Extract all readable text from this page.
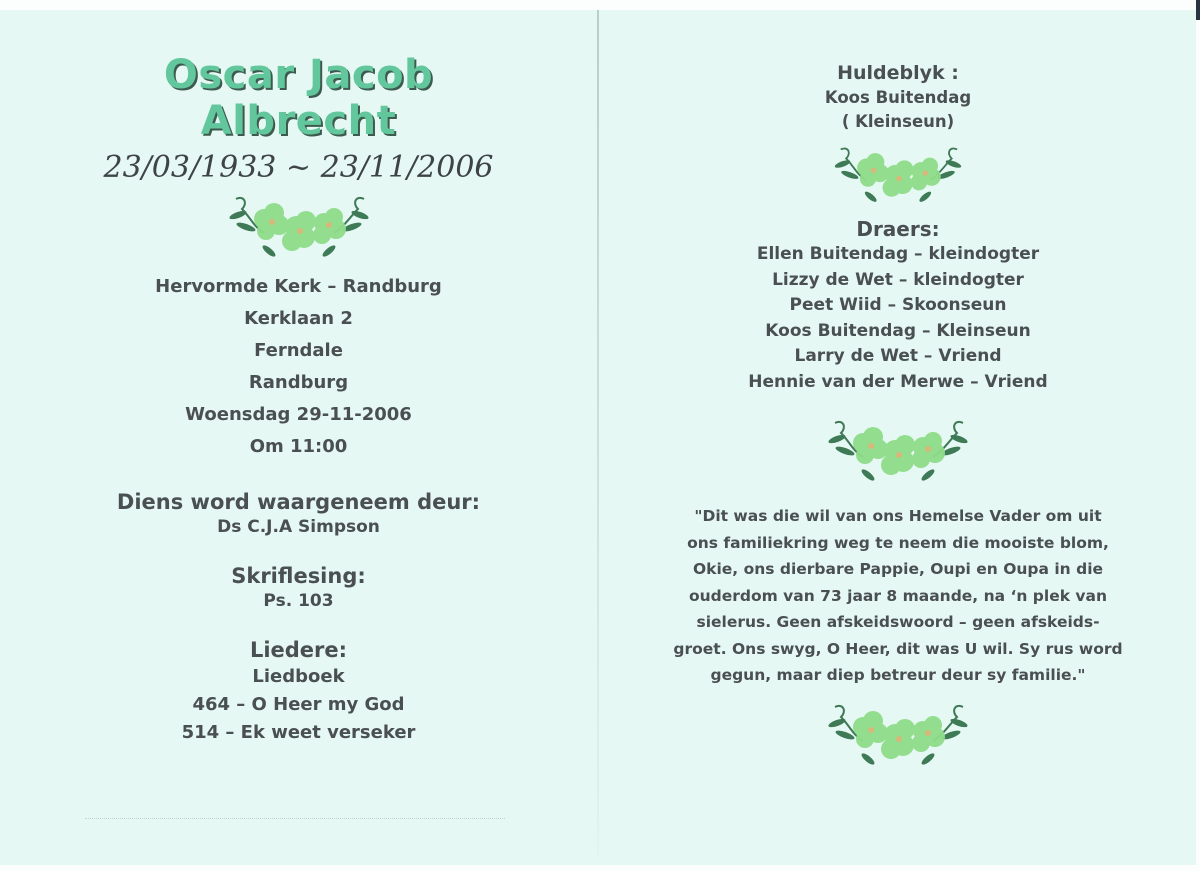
Oscar Jacob
Albrecht
23/03/1933 ~ 23/11/2006
Hervormde Kerk – Randburg
Kerklaan 2
Ferndale
Randburg
Woensdag 29-11-2006
Om 11:00
Diens word waargeneem deur:
Ds C.J.A Simpson
Skriflesing:
Ps. 103
Liedere:
Liedboek
464 – O Heer my God
514 – Ek weet verseker
Huldeblyk :
Koos Buitendag
( Kleinseun)
Draers:
Ellen Buitendag – kleindogter
Lizzy de Wet – kleindogter
Peet Wiid – Skoonseun
Koos Buitendag – Kleinseun
Larry de Wet – Vriend
Hennie van der Merwe – Vriend
"Dit was die wil van ons Hemelse Vader om uit
ons familiekring weg te neem die mooiste blom,
Okie, ons dierbare Pappie, Oupi en Oupa in die
ouderdom van 73 jaar 8 maande, na ‘n plek van
sielerus. Geen afskeidswoord – geen afskeids-
groet. Ons swyg, O Heer, dit was U wil. Sy rus word
gegun, maar diep betreur deur sy familie."
